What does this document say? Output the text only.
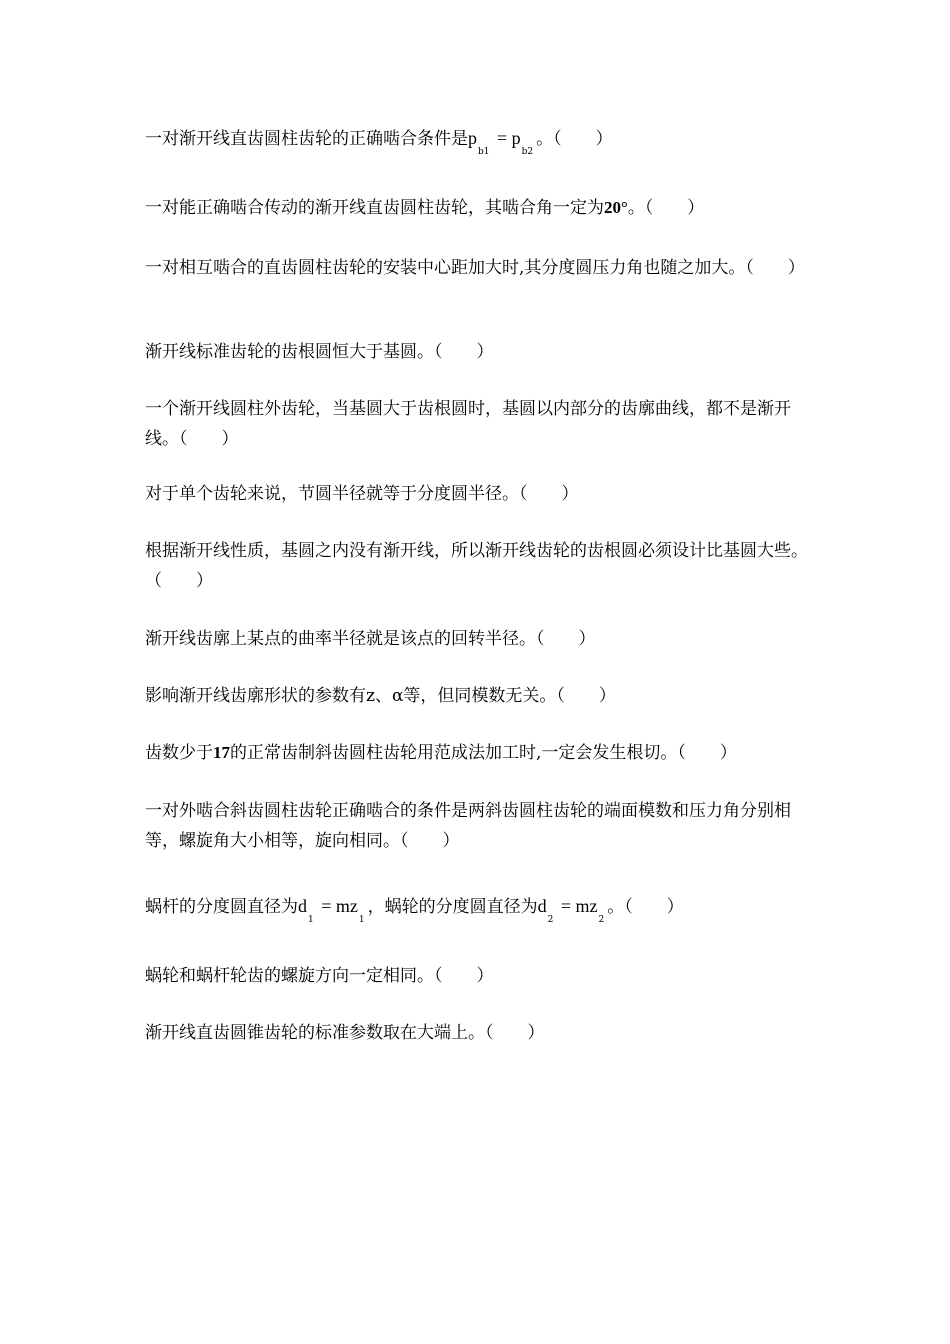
一对渐开线直齿圆柱齿轮的正确啮合条件是$p_{b1} = p_{b2}$。（　　）
一对能正确啮合传动的渐开线直齿圆柱齿轮，其啮合角一定为20°。（　　）
一对相互啮合的直齿圆柱齿轮的安装中心距加大时,其分度圆压力角也随之加大。（　　）
渐开线标准齿轮的齿根圆恒大于基圆。（　　）
一个渐开线圆柱外齿轮，当基圆大于齿根圆时，基圆以内部分的齿廓曲线，都不是渐开线。（　　）
对于单个齿轮来说，节圆半径就等于分度圆半径。（　　）
根据渐开线性质，基圆之内没有渐开线，所以渐开线齿轮的齿根圆必须设计比基圆大些。（　　）
渐开线齿廓上某点的曲率半径就是该点的回转半径。（　　）
影响渐开线齿廓形状的参数有z、α等，但同模数无关。（　　）
齿数少于17的正常齿制斜齿圆柱齿轮用范成法加工时,一定会发生根切。（　　）
一对外啮合斜齿圆柱齿轮正确啮合的条件是两斜齿圆柱齿轮的端面模数和压力角分别相等，螺旋角大小相等，旋向相同。（　　）
蜗杆的分度圆直径为$d_1 = mz_1$，蜗轮的分度圆直径为$d_2 = mz_2$。（　　）
蜗轮和蜗杆轮齿的螺旋方向一定相同。（　　）
渐开线直齿圆锥齿轮的标准参数取在大端上。（　　）
